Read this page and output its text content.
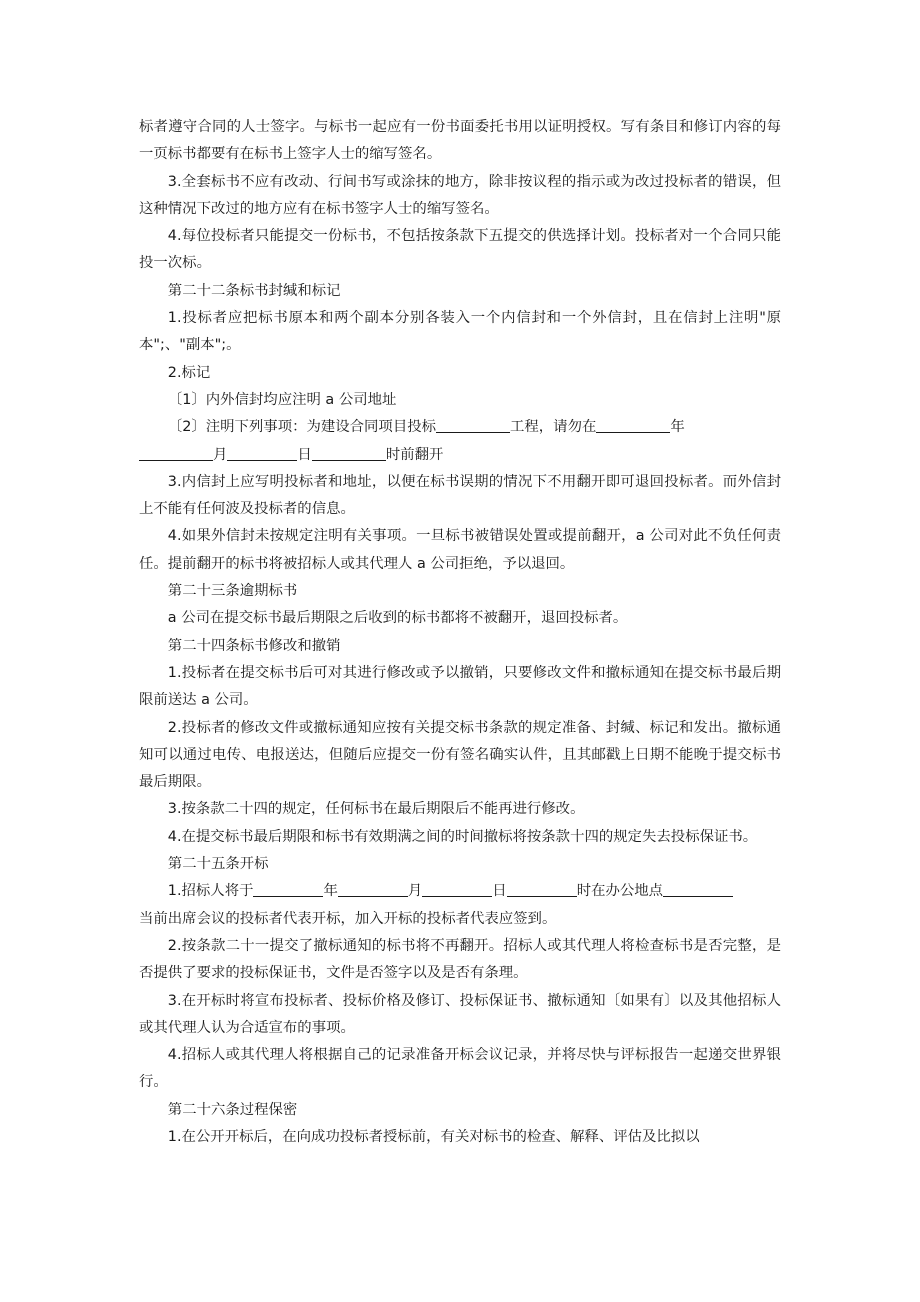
标者遵守合同的人士签字。与标书一起应有一份书面委托书用以证明授权。写有条目和修订内容的每一页标书都要有在标书上签字人士的缩写签名。

3.全套标书不应有改动、行间书写或涂抹的地方，除非按议程的指示或为改过投标者的错误，但这种情况下改过的地方应有在标书签字人士的缩写签名。

4.每位投标者只能提交一份标书，不包括按条款下五提交的供选择计划。投标者对一个合同只能投一次标。

第二十二条标书封缄和标记

1.投标者应把标书原本和两个副本分别各装入一个内信封和一个外信封，且在信封上注明"原本";、"副本";。

2.标记

〔1〕内外信封均应注明 a 公司地址

〔2〕注明下列事项：为建设合同项目投标	工程，请勿在	年
月	日	时前翻开

3.内信封上应写明投标者和地址，以便在标书误期的情况下不用翻开即可退回投标者。而外信封上不能有任何波及投标者的信息。

4.如果外信封未按规定注明有关事项。一旦标书被错误处置或提前翻开，a 公司对此不负任何责任。提前翻开的标书将被招标人或其代理人 a 公司拒绝，予以退回。

第二十三条逾期标书

a 公司在提交标书最后期限之后收到的标书都将不被翻开，退回投标者。

第二十四条标书修改和撤销

1.投标者在提交标书后可对其进行修改或予以撤销，只要修改文件和撤标通知在提交标书最后期限前送达 a 公司。

2.投标者的修改文件或撤标通知应按有关提交标书条款的规定准备、封缄、标记和发出。撤标通知可以通过电传、电报送达，但随后应提交一份有签名确实认件，且其邮戳上日期不能晚于提交标书最后期限。

3.按条款二十四的规定，任何标书在最后期限后不能再进行修改。

4.在提交标书最后期限和标书有效期满之间的时间撤标将按条款十四的规定失去投标保证书。

第二十五条开标

1.招标人将于	年	月	日	时在办公地点
当前出席会议的投标者代表开标，加入开标的投标者代表应签到。

2.按条款二十一提交了撤标通知的标书将不再翻开。招标人或其代理人将检查标书是否完整，是否提供了要求的投标保证书，文件是否签字以及是否有条理。

3.在开标时将宣布投标者、投标价格及修订、投标保证书、撤标通知〔如果有〕以及其他招标人或其代理人认为合适宣布的事项。

4.招标人或其代理人将根据自己的记录准备开标会议记录，并将尽快与评标报告一起递交世界银行。

第二十六条过程保密

1.在公开开标后，在向成功投标者授标前，有关对标书的检查、解释、评估及比拟以
